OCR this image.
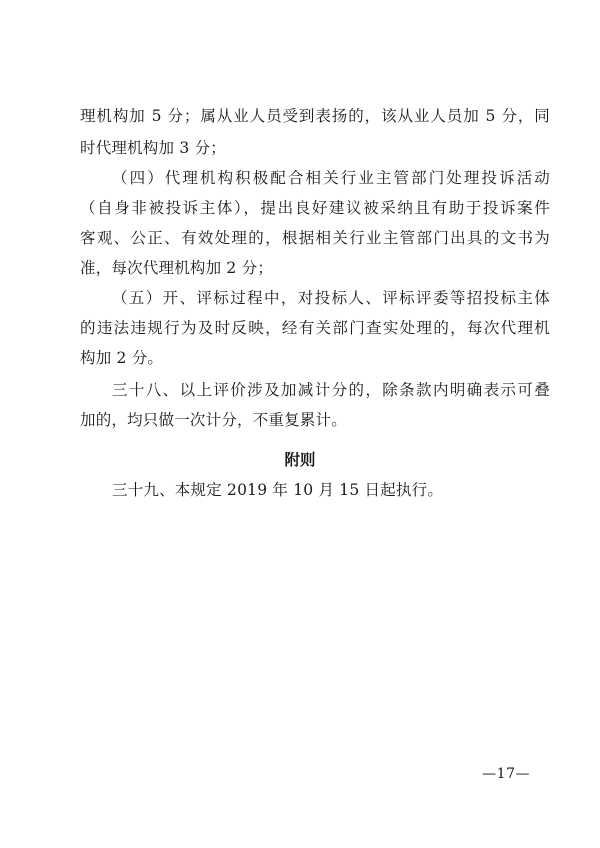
理机构加 5 分；属从业人员受到表扬的，该从业人员加 5 分，同
时代理机构加 3 分；
（四）代理机构积极配合相关行业主管部门处理投诉活动
（自身非被投诉主体），提出良好建议被采纳且有助于投诉案件
客观、公正、有效处理的，根据相关行业主管部门出具的文书为
准，每次代理机构加 2 分；
（五）开、评标过程中，对投标人、评标评委等招投标主体
的违法违规行为及时反映，经有关部门查实处理的，每次代理机
构加 2 分。
三十八、以上评价涉及加减计分的，除条款内明确表示可叠
加的，均只做一次计分，不重复累计。
附则
三十九、本规定 2019 年 10 月 15 日起执行。
—17—
